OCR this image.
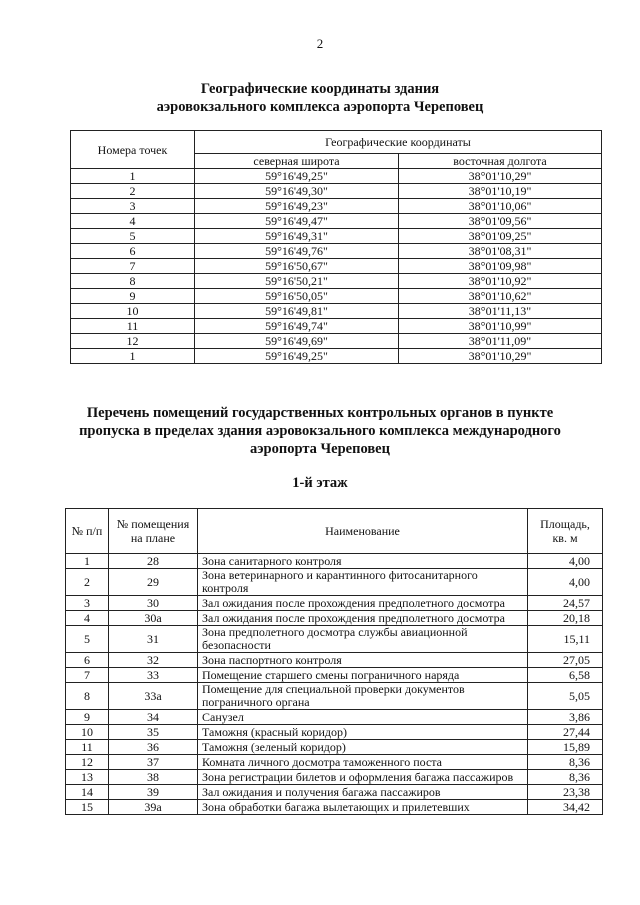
2
Географические координаты здания
аэровокзального комплекса аэропорта Череповец
Номера точек	Географические координаты	
	северная широта	восточная долгота
1	59°16'49,25"	38°01'10,29"
2	59°16'49,30"	38°01'10,19"
3	59°16'49,23"	38°01'10,06"
4	59°16'49,47"	38°01'09,56"
5	59°16'49,31"	38°01'09,25"
6	59°16'49,76"	38°01'08,31"
7	59°16'50,67"	38°01'09,98"
8	59°16'50,21"	38°01'10,92"
9	59°16'50,05"	38°01'10,62"
10	59°16'49,81"	38°01'11,13"
11	59°16'49,74"	38°01'10,99"
12	59°16'49,69"	38°01'11,09"
1	59°16'49,25"	38°01'10,29"
Перечень помещений государственных контрольных органов в пункте
пропуска в пределах здания аэровокзального комплекса международного
аэропорта Череповец
1-й этаж
№ п/п	№ помещения на плане	Наименование	Площадь, кв. м
1	28	Зона санитарного контроля	4,00
2	29	Зона ветеринарного и карантинного фитосанитарного контроля	4,00
3	30	Зал ожидания после прохождения предполетного досмотра	24,57
4	30а	Зал ожидания после прохождения предполетного досмотра	20,18
5	31	Зона предполетного досмотра службы авиационной безопасности	15,11
6	32	Зона паспортного контроля	27,05
7	33	Помещение старшего смены пограничного наряда	6,58
8	33а	Помещение для специальной проверки документов пограничного органа	5,05
9	34	Санузел	3,86
10	35	Таможня (красный коридор)	27,44
11	36	Таможня (зеленый коридор)	15,89
12	37	Комната личного досмотра таможенного поста	8,36
13	38	Зона регистрации билетов и оформления багажа пассажиров	8,36
14	39	Зал ожидания и получения багажа пассажиров	23,38
15	39а	Зона обработки багажа вылетающих и прилетевших	34,42
